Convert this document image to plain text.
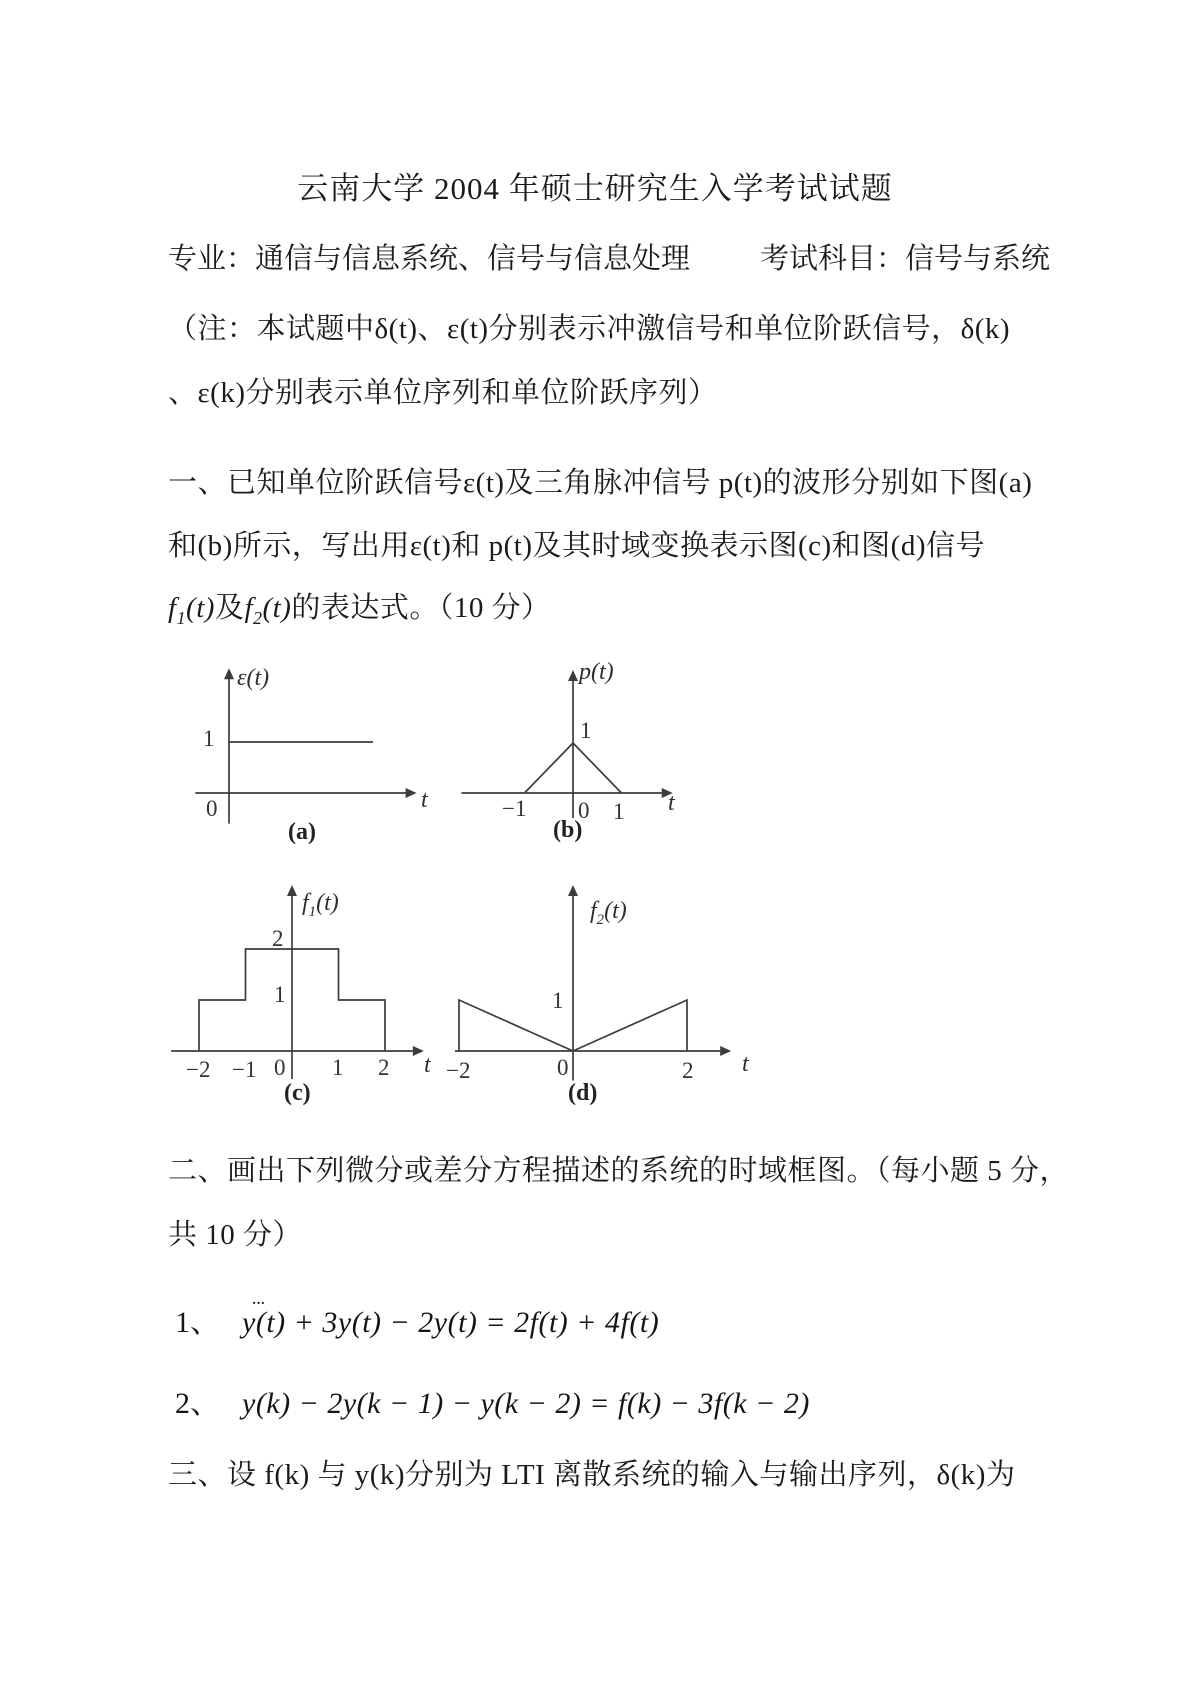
云南大学 2004 年硕士研究生入学考试试题
专业：通信与信息系统、信号与信息处理 考试科目：信号与系统
（注：本试题中δ(t)、ε(t)分别表示冲激信号和单位阶跃信号，δ(k)
、ε(k)分别表示单位序列和单位阶跃序列）
一、已知单位阶跃信号ε(t)及三角脉冲信号 p(t)的波形分别如下图(a)
和(b)所示，写出用ε(t)和 p(t)及其时域变换表示图(c)和图(d)信号
$f_1(t)$及$f_2(t)$的表达式。（10 分）
ε(t)
1
0	t
(a)
p(t)
1
−1 0 1 t
(b)
$f_1(t)$
2
1
−2 −1 0 1 2 t
(c)
$f_2(t)$
1
−2	0	2 t
(d)
二、画出下列微分或差分方程描述的系统的时域框图。（每小题 5 分，
共 10 分）
1、 y
···
(t) + 3y(t) − 2y(t) = 2f(t) + 4f(t)
2、 y(k) − 2y(k − 1) − y(k − 2) = f(k) − 3f(k − 2)
三、设 f(k) 与 y(k)分别为 LTI 离散系统的输入与输出序列，δ(k)为
